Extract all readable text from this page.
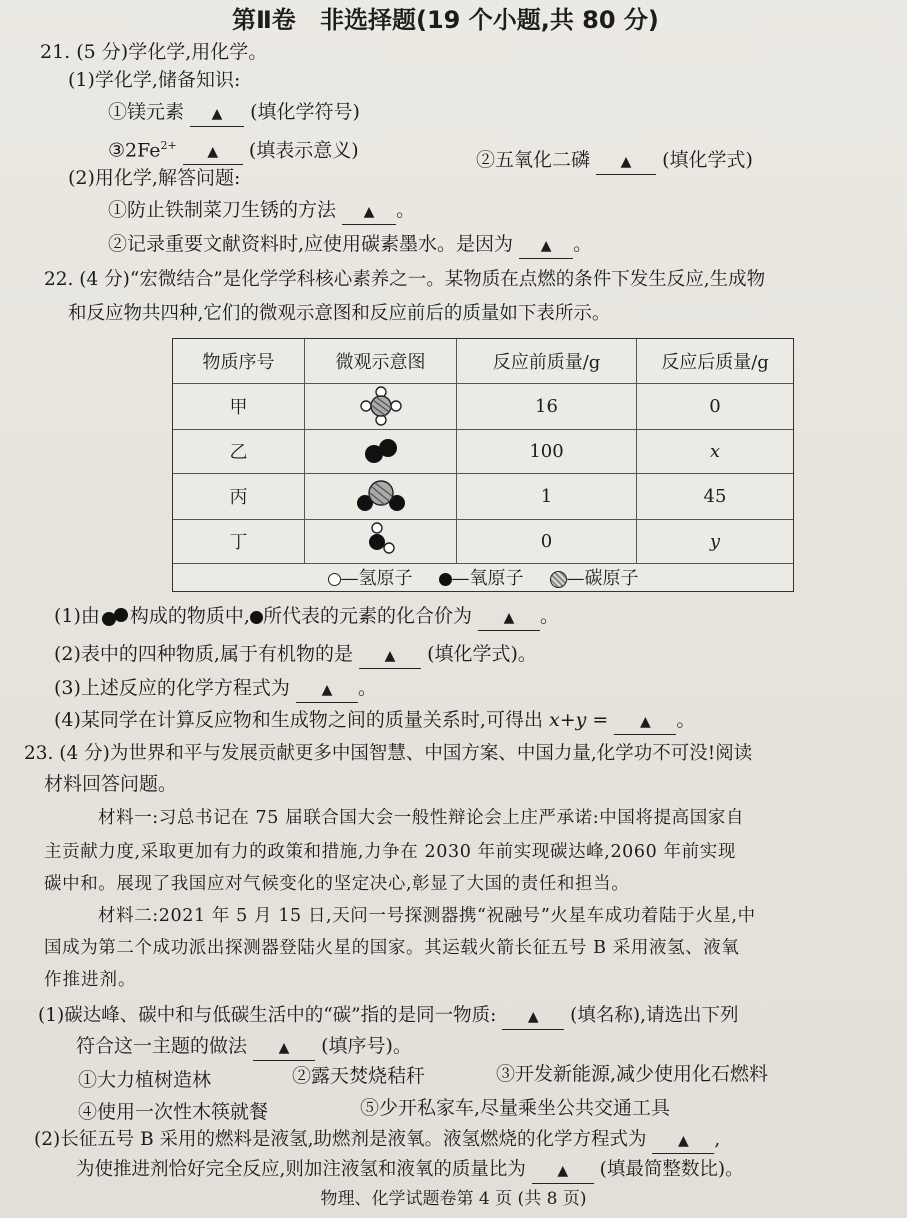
第Ⅱ卷 非选择题(19 个小题,共 80 分)
21. (5 分)学化学,用化学。
(1)学化学,储备知识:
①镁元素 ▲ (填化学符号)
$③2Fe^{2+}$ ▲ (填表示意义)	②五氧化二磷 ▲ (填化学式)
(2)用化学,解答问题:
①防止铁制菜刀生锈的方法 ▲ 。
②记录重要文献资料时,应使用碳素墨水。是因为 ▲ 。
22. (4 分)“宏微结合”是化学学科核心素养之一。某物质在点燃的条件下发生反应,生成物
和反应物共四种,它们的微观示意图和反应前后的质量如下表所示。
物质序号	微观示意图	反应前质量/g	反应后质量/g
甲	16	0
乙	100	x
丙	1	45
丁	0	y
—氢原子	—氧原子	—碳原子
(1)由 构成的物质中, 所代表的元素的化合价为 ▲ 。
(2)表中的四种物质,属于有机物的是 ▲ (填化学式)。
(3)上述反应的化学方程式为 ▲ 。
(4)某同学在计算反应物和生成物之间的质量关系时,可得出 x+y = ▲ 。
23. (4 分)为世界和平与发展贡献更多中国智慧、中国方案、中国力量,化学功不可没!阅读
材料回答问题。
材料一:习总书记在 75 届联合国大会一般性辩论会上庄严承诺:中国将提高国家自
主贡献力度,采取更加有力的政策和措施,力争在 2030 年前实现碳达峰,2060 年前实现
碳中和。展现了我国应对气候变化的坚定决心,彰显了大国的责任和担当。
材料二:2021 年 5 月 15 日,天问一号探测器携“祝融号”火星车成功着陆于火星,中
国成为第二个成功派出探测器登陆火星的国家。其运载火箭长征五号 B 采用液氢、液氧
作推进剂。
(1)碳达峰、碳中和与低碳生活中的“碳”指的是同一物质: ▲ (填名称),请选出下列
符合这一主题的做法 ▲ (填序号)。
①大力植树造林	②露天焚烧秸秆	③开发新能源,减少使用化石燃料
④使用一次性木筷就餐	⑤少开私家车,尽量乘坐公共交通工具
(2)长征五号 B 采用的燃料是液氢,助燃剂是液氧。液氢燃烧的化学方程式为 ▲ ,
为使推进剂恰好完全反应,则加注液氢和液氧的质量比为 ▲ (填最简整数比)。
物理、化学试题卷第 4 页 (共 8 页)
